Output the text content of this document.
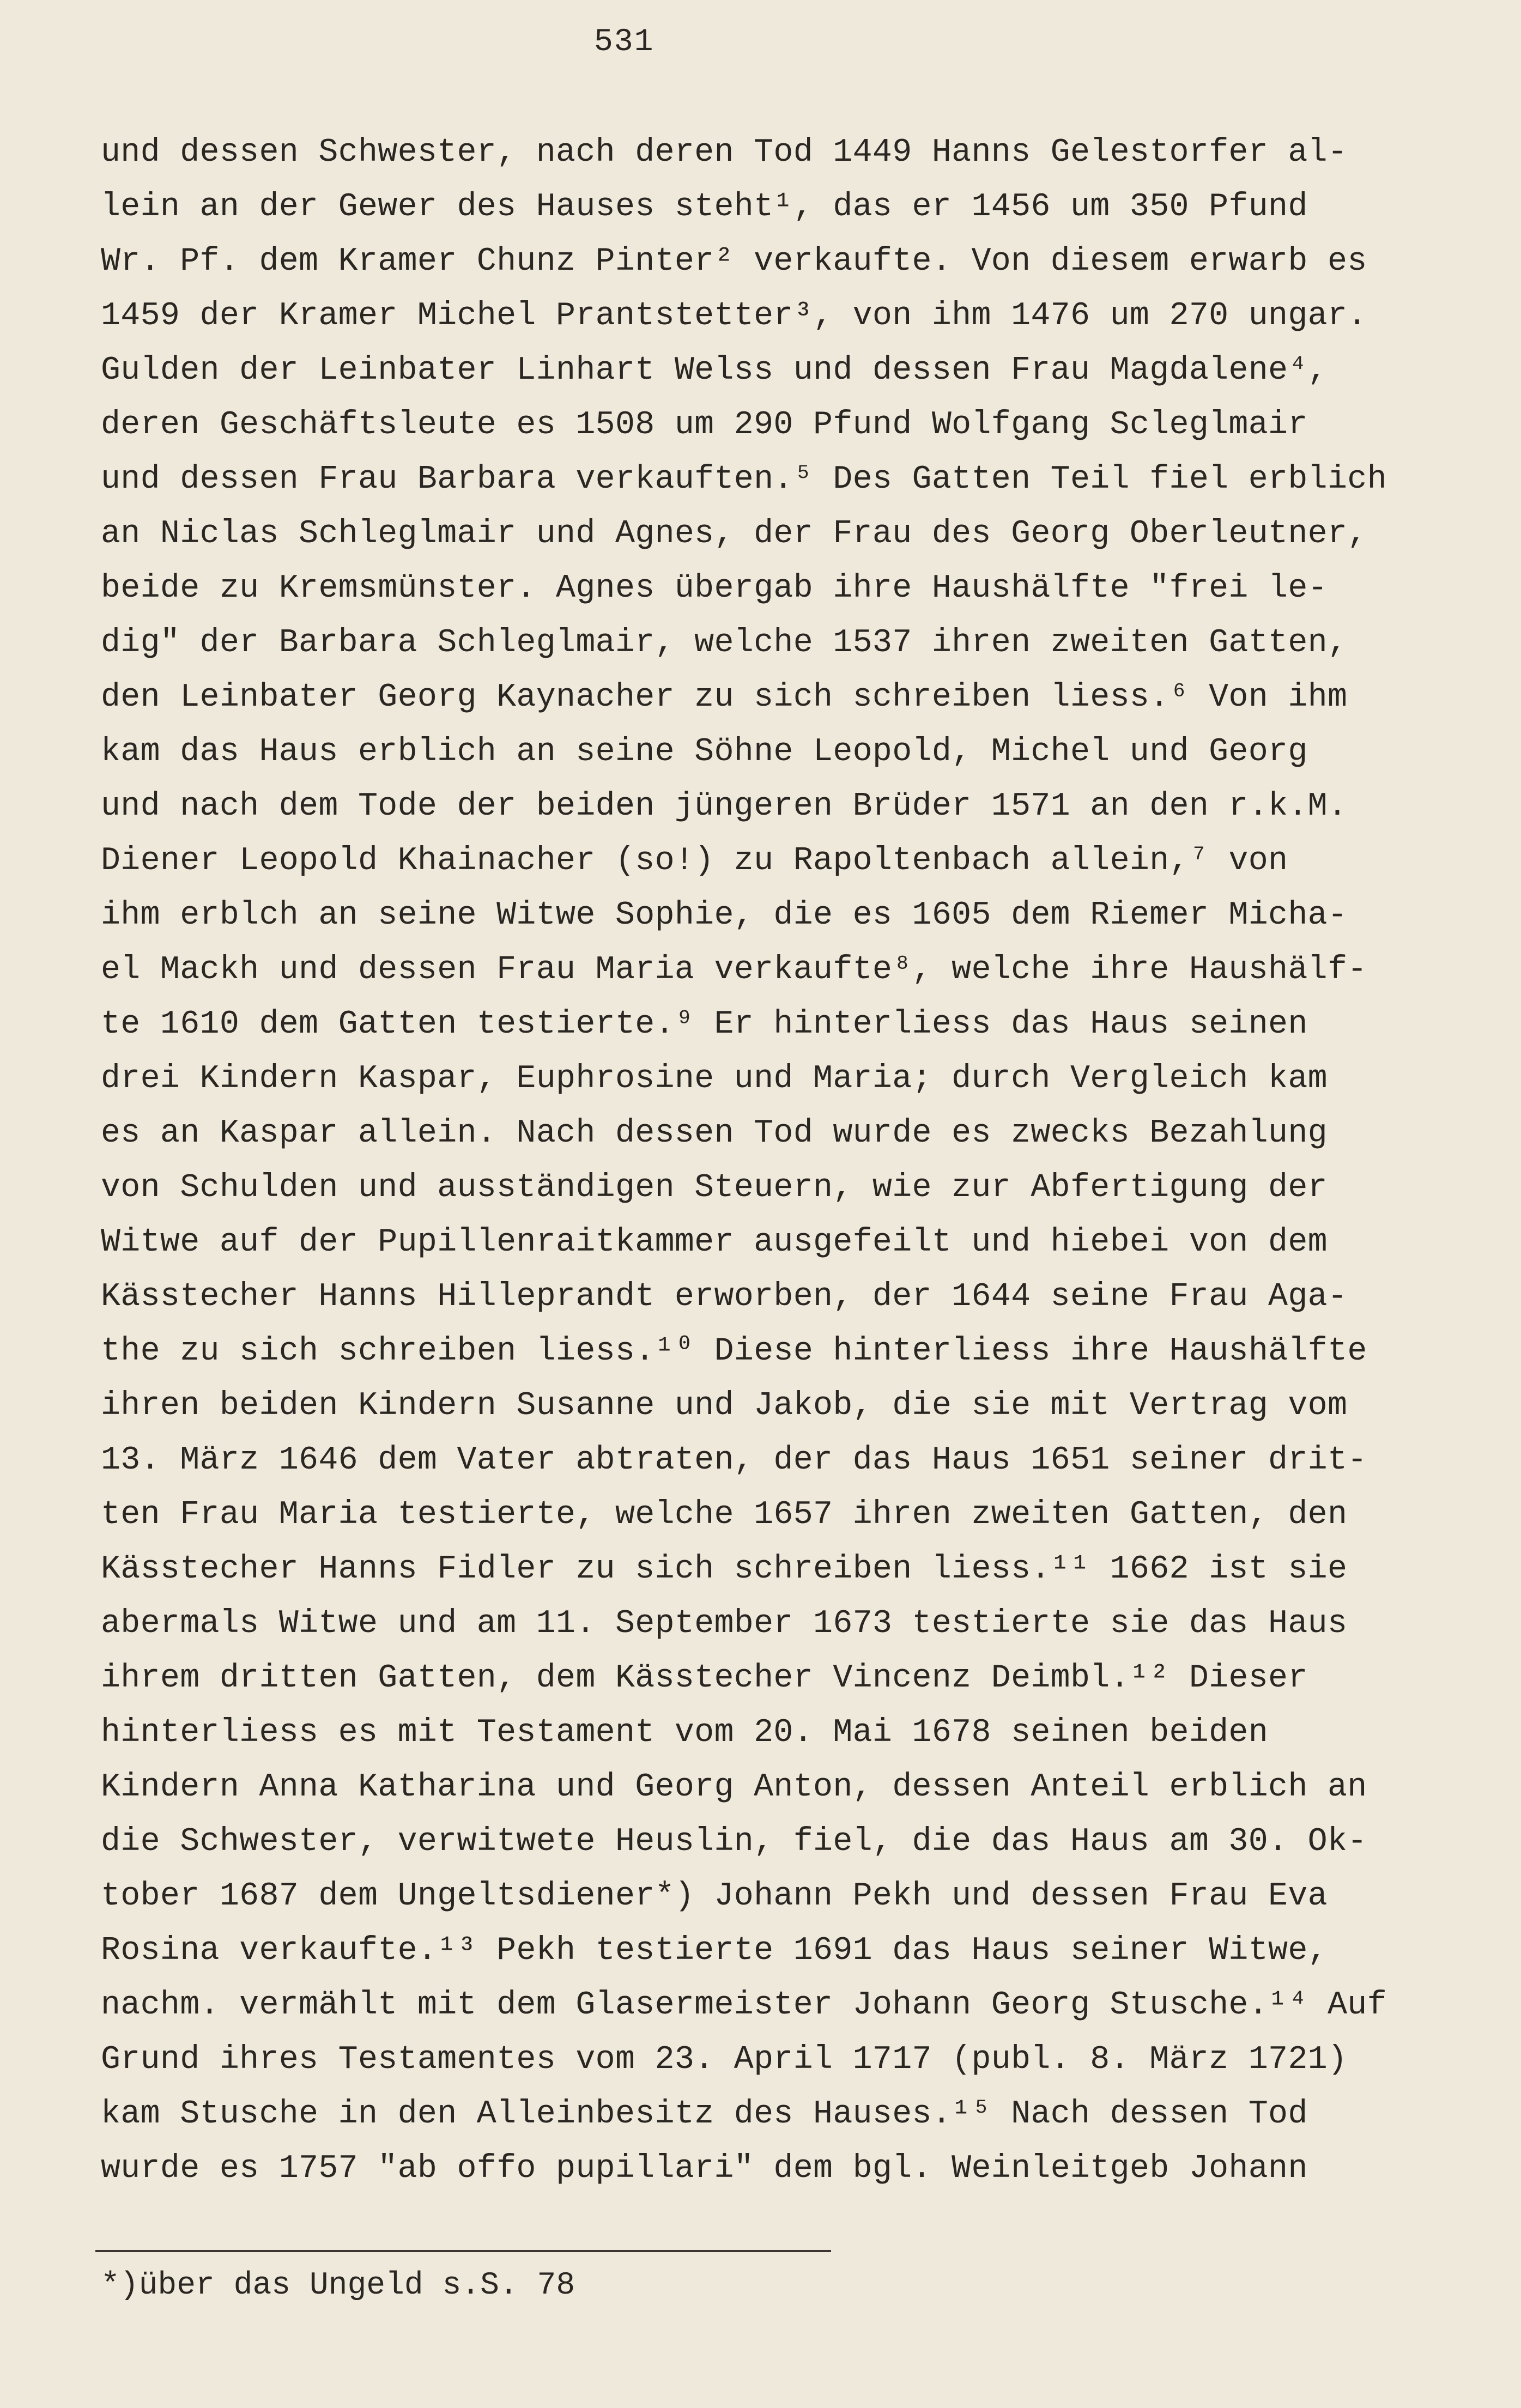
531
und dessen Schwester, nach deren Tod 1449 Hanns Gelestorfer al-
lein an der Gewer des Hauses steht¹, das er 1456 um 350 Pfund
Wr. Pf. dem Kramer Chunz Pinter² verkaufte. Von diesem erwarb es
1459 der Kramer Michel Prantstetter³, von ihm 1476 um 270 ungar.
Gulden der Leinbater Linhart Welss und dessen Frau Magdalene⁴,
deren Geschäftsleute es 1508 um 290 Pfund Wolfgang Scleglmair
und dessen Frau Barbara verkauften.⁵ Des Gatten Teil fiel erblich
an Niclas Schleglmair und Agnes, der Frau des Georg Oberleutner,
beide zu Kremsmünster. Agnes übergab ihre Haushälfte "frei le-
dig" der Barbara Schleglmair, welche 1537 ihren zweiten Gatten,
den Leinbater Georg Kaynacher zu sich schreiben liess.⁶ Von ihm
kam das Haus erblich an seine Söhne Leopold, Michel und Georg
und nach dem Tode der beiden jüngeren Brüder 1571 an den r.k.M.
Diener Leopold Khainacher (so!) zu Rapoltenbach allein,⁷ von
ihm erblch an seine Witwe Sophie, die es 1605 dem Riemer Micha-
el Mackh und dessen Frau Maria verkaufte⁸, welche ihre Haushälf-
te 1610 dem Gatten testierte.⁹ Er hinterliess das Haus seinen
drei Kindern Kaspar, Euphrosine und Maria; durch Vergleich kam
es an Kaspar allein. Nach dessen Tod wurde es zwecks Bezahlung
von Schulden und ausständigen Steuern, wie zur Abfertigung der
Witwe auf der Pupillenraitkammer ausgefeilt und hiebei von dem
Kässtecher Hanns Hilleprandt erworben, der 1644 seine Frau Aga-
the zu sich schreiben liess.¹⁰ Diese hinterliess ihre Haushälfte
ihren beiden Kindern Susanne und Jakob, die sie mit Vertrag vom
13. März 1646 dem Vater abtraten, der das Haus 1651 seiner drit-
ten Frau Maria testierte, welche 1657 ihren zweiten Gatten, den
Kässtecher Hanns Fidler zu sich schreiben liess.¹¹ 1662 ist sie
abermals Witwe und am 11. September 1673 testierte sie das Haus
ihrem dritten Gatten, dem Kässtecher Vincenz Deimbl.¹² Dieser
hinterliess es mit Testament vom 20. Mai 1678 seinen beiden
Kindern Anna Katharina und Georg Anton, dessen Anteil erblich an
die Schwester, verwitwete Heuslin, fiel, die das Haus am 30. Ok-
tober 1687 dem Ungeltsdiener*) Johann Pekh und dessen Frau Eva
Rosina verkaufte.¹³ Pekh testierte 1691 das Haus seiner Witwe,
nachm. vermählt mit dem Glasermeister Johann Georg Stusche.¹⁴ Auf
Grund ihres Testamentes vom 23. April 1717 (publ. 8. März 1721)
kam Stusche in den Alleinbesitz des Hauses.¹⁵ Nach dessen Tod
wurde es 1757 "ab offo pupillari" dem bgl. Weinleitgeb Johann
*)über das Ungeld s.S. 78
